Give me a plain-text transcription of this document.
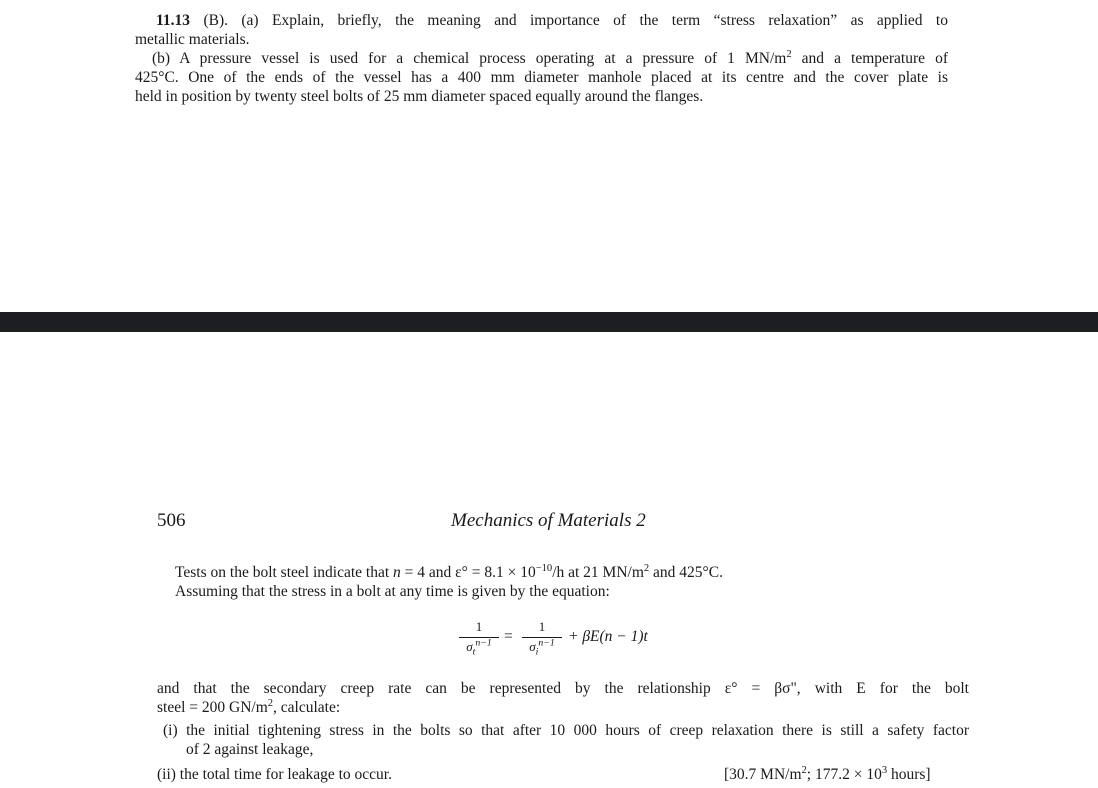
11.13 (B). (a) Explain, briefly, the meaning and importance of the term “stress relaxation” as applied to
metallic materials.
(b) A pressure vessel is used for a chemical process operating at a pressure of 1 $MN/m^2$ and a temperature of
425°C. One of the ends of the vessel has a 400 mm diameter manhole placed at its centre and the cover plate is
held in position by twenty steel bolts of 25 mm diameter spaced equally around the flanges.
506	Mechanics of Materials 2
Tests on the bolt steel indicate that n = 4 and $\varepsilon^\circ = 8.1 \times 10^{-10}/h$ at 21 $MN/m^2$ and 425°C.
Assuming that the stress in a bolt at any time is given by the equation:
1
$\sigma_t^{n-1}$ =
1
$\sigma_i^{n-1} + \beta E(n - 1)t$
and that the secondary creep rate can be represented by the relationship ε° = βσ", with E for the bolt
steel = 200 $GN/m^2$, calculate:
(i) the initial tightening stress in the bolts so that after 10 000 hours of creep relaxation there is still a safety factor
of 2 against leakage,
(ii) the total time for leakage to occur.	[30.7 $MN/m^2$; $177.2 \times 10^3$ hours]
